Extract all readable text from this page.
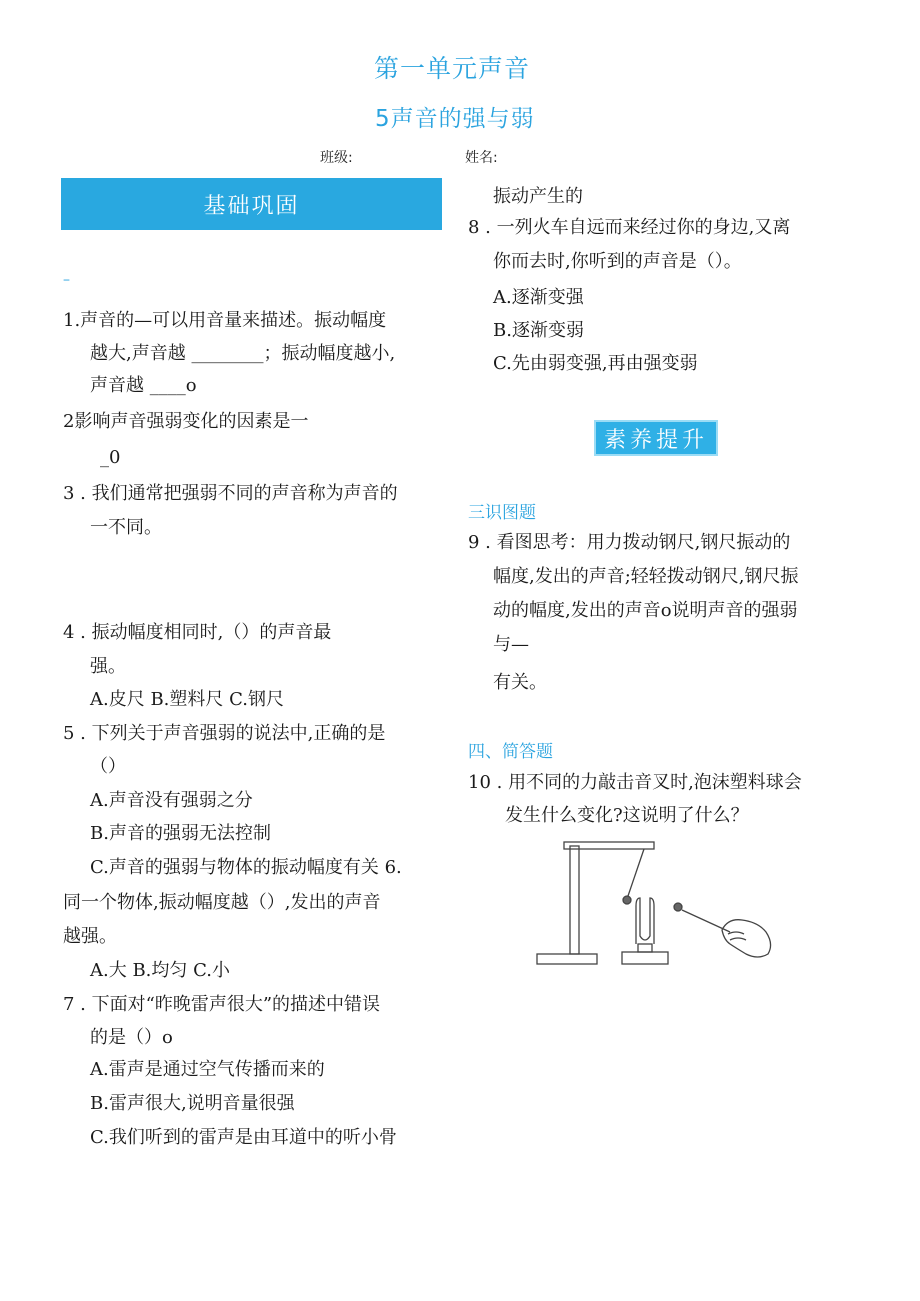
第一单元声音
5声音的强与弱
班级:	姓名:
基础巩固
–
1.声音的—可以用音量来描述。振动幅度
越大,声音越 ________；振动幅度越小,
声音越 ____o
2影响声音强弱变化的因素是一
_0
3 . 我们通常把强弱不同的声音称为声音的
一不同。
4 . 振动幅度相同时,（）的声音最
强。
A.皮尺 B.塑料尺 C.钢尺
5 . 下列关于声音强弱的说法中,正确的是
（）
A.声音没有强弱之分
B.声音的强弱无法控制
C.声音的强弱与物体的振动幅度有关 6.
同一个物体,振动幅度越（）,发出的声音
越强。
A.大 B.均匀 C.小
7 . 下面对“昨晚雷声很大”的描述中错误
的是（）o
A.雷声是通过空气传播而来的
B.雷声很大,说明音量很强
C.我们听到的雷声是由耳道中的听小骨
振动产生的
8 . 一列火车自远而来经过你的身边,又离
你而去时,你听到的声音是（）。
A.逐渐变强
B.逐渐变弱
C.先由弱变强,再由强变弱
素养提升
三识图题
9 . 看图思考：用力拨动钢尺,钢尺振动的
幅度,发出的声音;轻轻拨动钢尺,钢尺振
动的幅度,发出的声音o说明声音的强弱
与—
有关。
四、简答题
10 . 用不同的力敲击音叉时,泡沫塑料球会
发生什么变化?这说明了什么？
